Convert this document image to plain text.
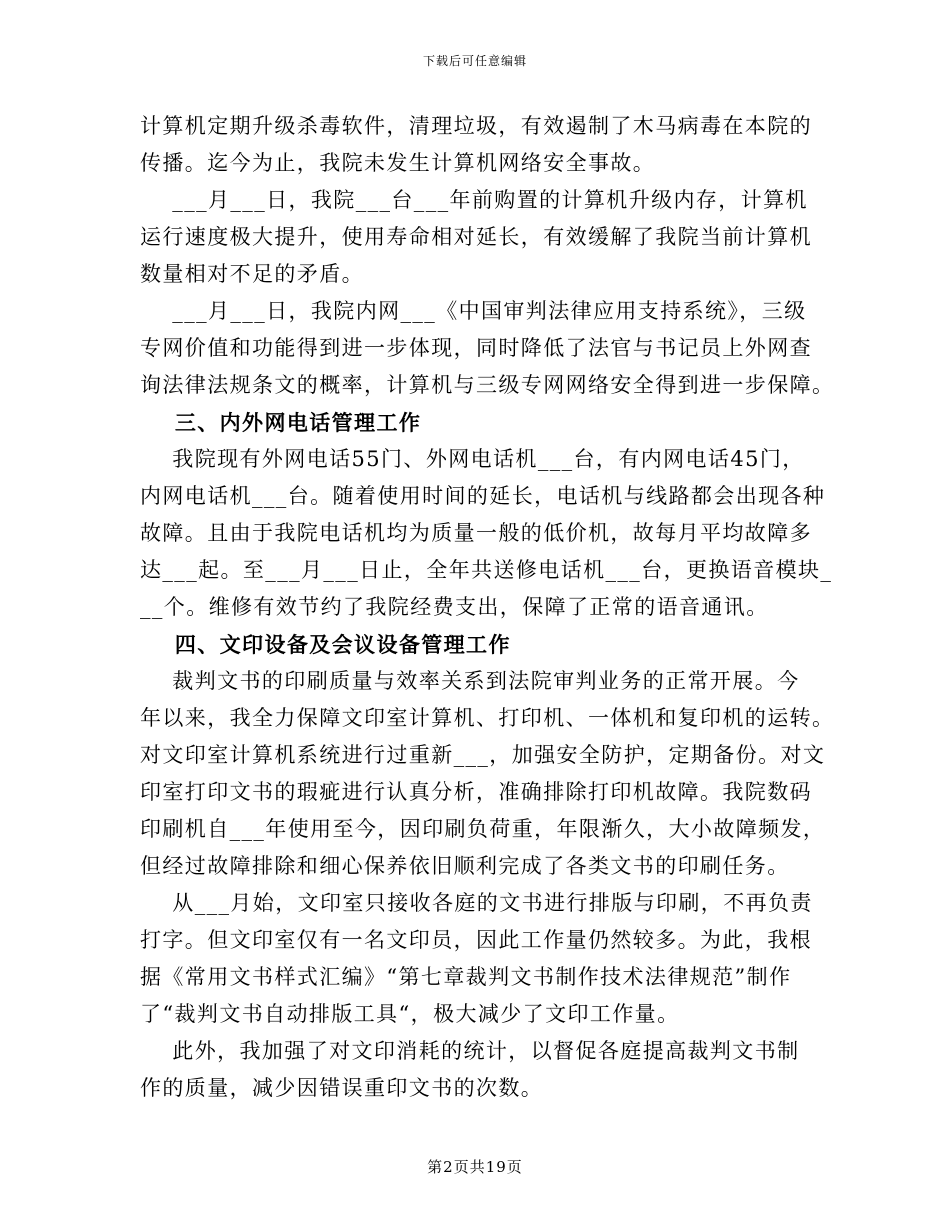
下载后可任意编辑
计算机定期升级杀毒软件，清理垃圾，有效遏制了木马病毒在本院的
传播。迄今为止，我院未发生计算机网络安全事故。
___月___日，我院___台___年前购置的计算机升级内存，计算机
运行速度极大提升，使用寿命相对延长，有效缓解了我院当前计算机
数量相对不足的矛盾。
___月___日，我院内网___《中国审判法律应用支持系统》，三级
专网价值和功能得到进一步体现，同时降低了法官与书记员上外网查
询法律法规条文的概率，计算机与三级专网网络安全得到进一步保障。
三、内外网电话管理工作
我院现有外网电话55门、外网电话机___台，有内网电话45门，
内网电话机___台。随着使用时间的延长，电话机与线路都会出现各种
故障。且由于我院电话机均为质量一般的低价机，故每月平均故障多
达___起。至___月___日止，全年共送修电话机___台，更换语音模块_
__个。维修有效节约了我院经费支出，保障了正常的语音通讯。
四、文印设备及会议设备管理工作
裁判文书的印刷质量与效率关系到法院审判业务的正常开展。今
年以来，我全力保障文印室计算机、打印机、一体机和复印机的运转。
对文印室计算机系统进行过重新___，加强安全防护，定期备份。对文
印室打印文书的瑕疵进行认真分析，准确排除打印机故障。我院数码
印刷机自___年使用至今，因印刷负荷重，年限渐久，大小故障频发，
但经过故障排除和细心保养依旧顺利完成了各类文书的印刷任务。
从___月始，文印室只接收各庭的文书进行排版与印刷，不再负责
打字。但文印室仅有一名文印员，因此工作量仍然较多。为此，我根
据《常用文书样式汇编》“第七章裁判文书制作技术法律规范”制作
了“裁判文书自动排版工具“，极大减少了文印工作量。
此外，我加强了对文印消耗的统计，以督促各庭提高裁判文书制
作的质量，减少因错误重印文书的次数。
第2页共19页
